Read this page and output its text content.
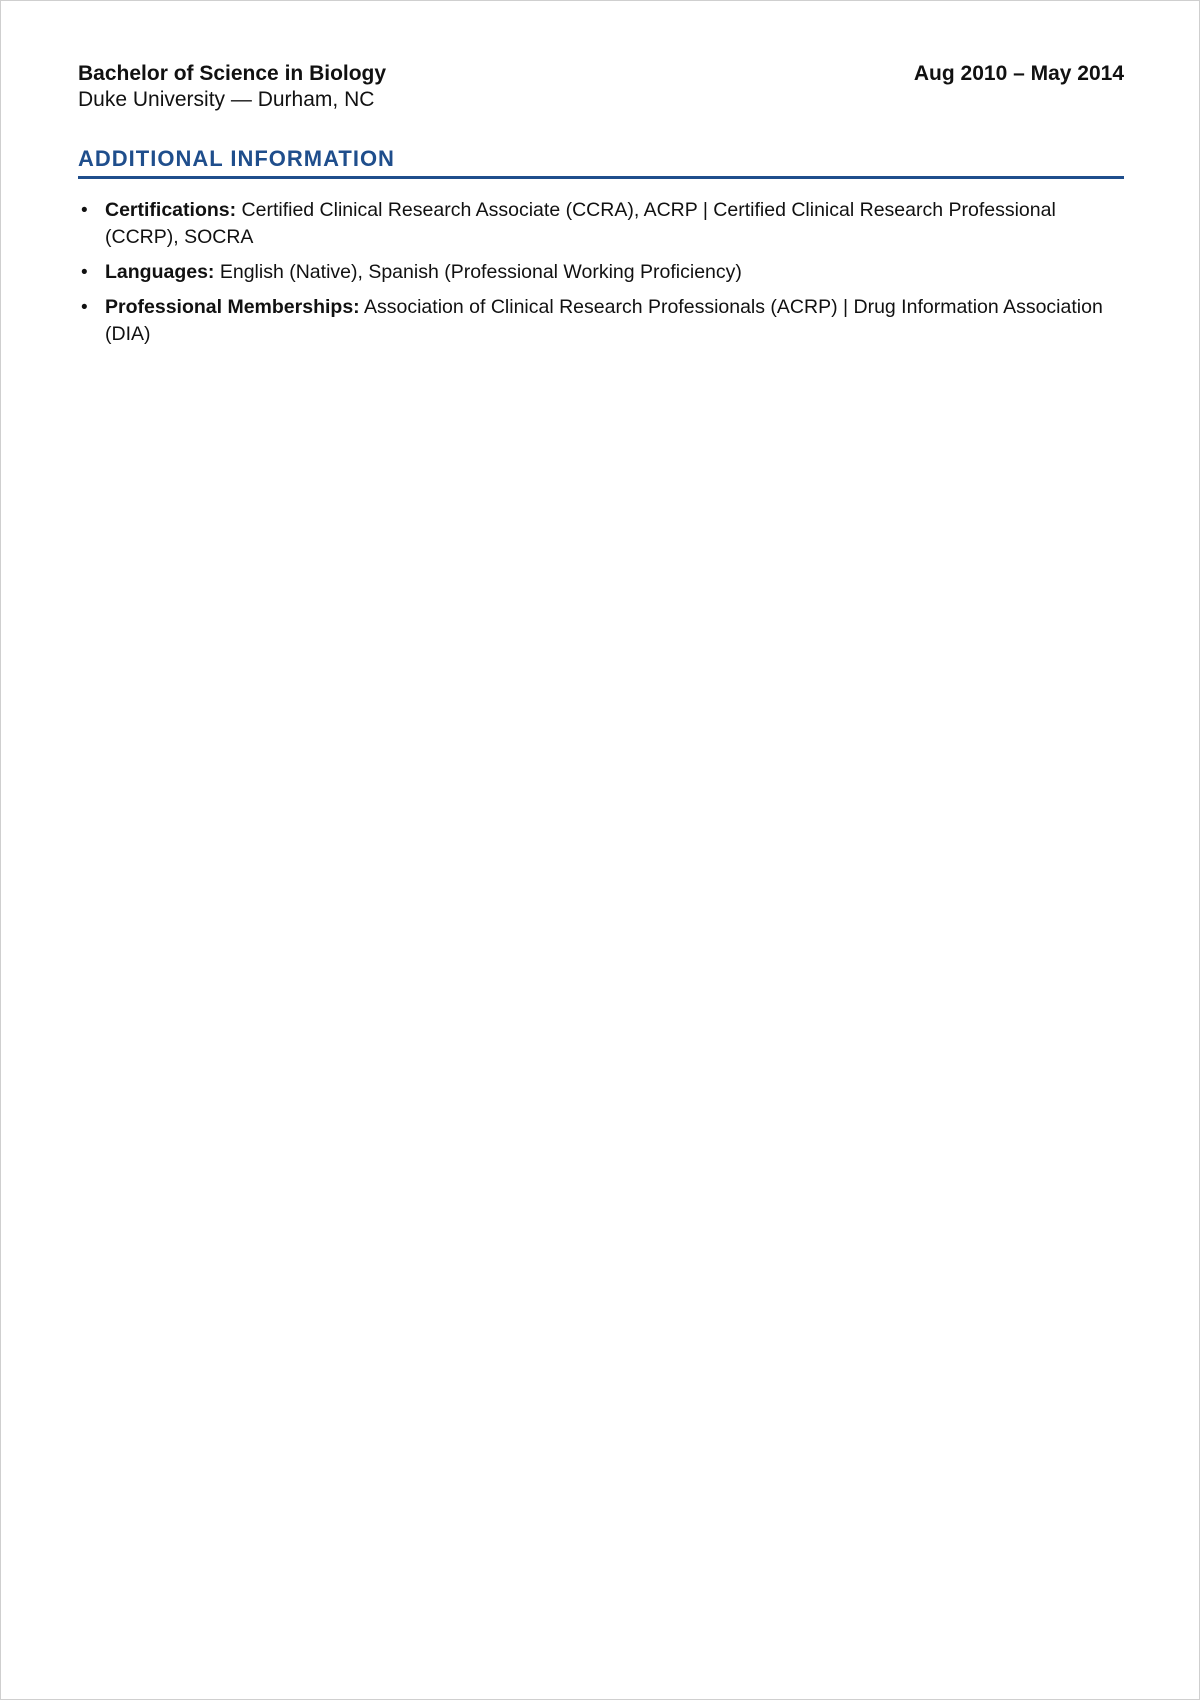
Bachelor of Science in Biology	Aug 2010 – May 2014
Duke University — Durham, NC
ADDITIONAL INFORMATION
• Certifications: Certified Clinical Research Associate (CCRA), ACRP | Certified Clinical Research Professional (CCRP), SOCRA
• Languages: English (Native), Spanish (Professional Working Proficiency)
• Professional Memberships: Association of Clinical Research Professionals (ACRP) | Drug Information Association (DIA)
